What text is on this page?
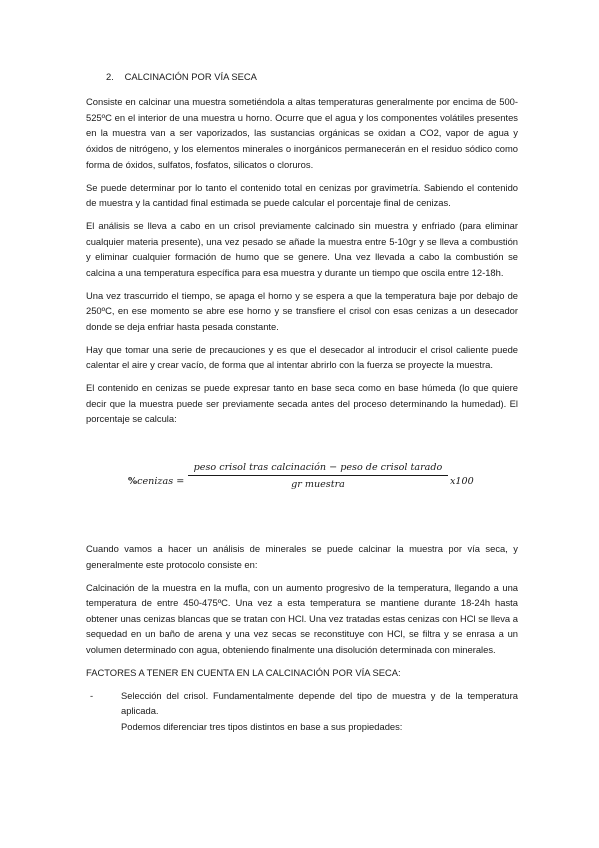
2. CALCINACIÓN POR VÍA SECA

Consiste en calcinar una muestra sometiéndola a altas temperaturas generalmente por encima de 500-525ºC en el interior de una muestra u horno. Ocurre que el agua y los componentes volátiles presentes en la muestra van a ser vaporizados, las sustancias orgánicas se oxidan a CO2, vapor de agua y óxidos de nitrógeno, y los elementos minerales o inorgánicos permanecerán en el residuo sódico como forma de óxidos, sulfatos, fosfatos, silicatos o cloruros.

Se puede determinar por lo tanto el contenido total en cenizas por gravimetría. Sabiendo el contenido de muestra y la cantidad final estimada se puede calcular el porcentaje final de cenizas.

El análisis se lleva a cabo en un crisol previamente calcinado sin muestra y enfriado (para eliminar cualquier materia presente), una vez pesado se añade la muestra entre 5-10gr y se lleva a combustión y eliminar cualquier formación de humo que se genere. Una vez llevada a cabo la combustión se calcina a una temperatura específica para esa muestra y durante un tiempo que oscila entre 12-18h.

Una vez trascurrido el tiempo, se apaga el horno y se espera a que la temperatura baje por debajo de 250ºC, en ese momento se abre ese horno y se transfiere el crisol con esas cenizas a un desecador donde se deja enfriar hasta pesada constante.

Hay que tomar una serie de precauciones y es que el desecador al introducir el crisol caliente puede calentar el aire y crear vacío, de forma que al intentar abrirlo con la fuerza se proyecte la muestra.

El contenido en cenizas se puede expresar tanto en base seca como en base húmeda (lo que quiere decir que la muestra puede ser previamente secada antes del proceso determinando la humedad). El porcentaje se calcula:

%cenizas =
peso crisol tras calcinación − peso de crisol tarado
gr muestra	x100

Cuando vamos a hacer un análisis de minerales se puede calcinar la muestra por vía seca, y generalmente este protocolo consiste en:

Calcinación de la muestra en la mufla, con un aumento progresivo de la temperatura, llegando a una temperatura de entre 450-475ºC. Una vez a esta temperatura se mantiene durante 18-24h hasta obtener unas cenizas blancas que se tratan con HCl. Una vez tratadas estas cenizas con HCl se lleva a sequedad en un baño de arena y una vez secas se reconstituye con HCl, se filtra y se enrasa a un volumen determinado con agua, obteniendo finalmente una disolución determinada con minerales.

FACTORES A TENER EN CUENTA EN LA CALCINACIÓN POR VÍA SECA:

-	Selección del crisol. Fundamentalmente depende del tipo de muestra y de la temperatura aplicada.

Podemos diferenciar tres tipos distintos en base a sus propiedades:
